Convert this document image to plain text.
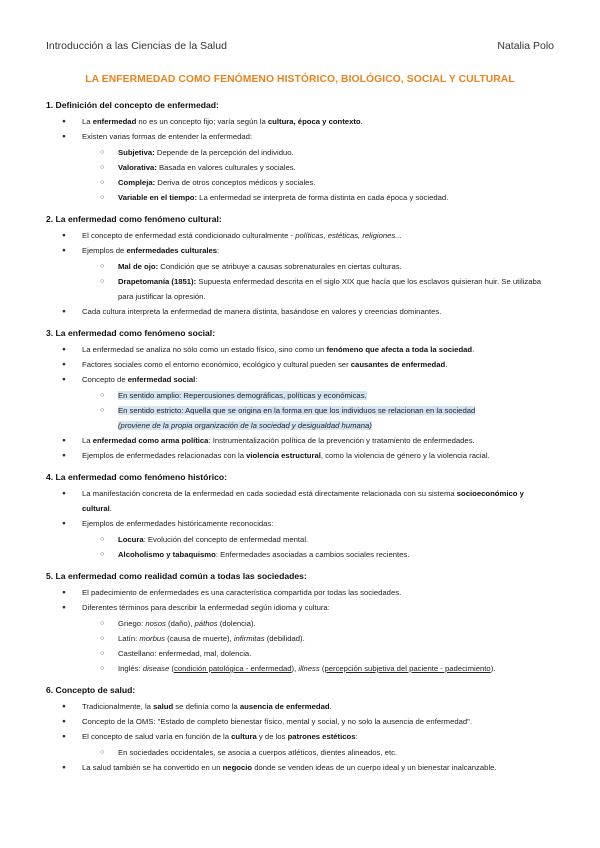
Introducción a las Ciencias de la Salud	Natalia Polo
LA ENFERMEDAD COMO FENÓMENO HISTÓRICO, BIOLÓGICO, SOCIAL Y CULTURAL
1. Definición del concepto de enfermedad:
● La enfermedad no es un concepto fijo; varía según la cultura, época y contexto.
● Existen varias formas de entender la enfermedad:
○ Subjetiva: Depende de la percepción del individuo.
○ Valorativa: Basada en valores culturales y sociales.
○ Compleja: Deriva de otros conceptos médicos y sociales.
○ Variable en el tiempo: La enfermedad se interpreta de forma distinta en cada época y sociedad.
2. La enfermedad como fenómeno cultural:
● El concepto de enfermedad está condicionado culturalmente - políticas, estéticas, religiones...
● Ejemplos de enfermedades culturales:
○ Mal de ojo: Condición que se atribuye a causas sobrenaturales en ciertas culturas.
○ Drapetomanía (1851): Supuesta enfermedad descrita en el siglo XIX que hacía que los esclavos quisieran huir. Se utilizaba para justificar la opresión.
● Cada cultura interpreta la enfermedad de manera distinta, basándose en valores y creencias dominantes.
3. La enfermedad como fenómeno social:
● La enfermedad se analiza no sólo como un estado físico, sino como un fenómeno que afecta a toda la sociedad.
● Factores sociales como el entorno económico, ecológico y cultural pueden ser causantes de enfermedad.
● Concepto de enfermedad social:
○ En sentido amplio: Repercusiones demográficas, políticas y económicas.
○ En sentido estricto: Aquella que se origina en la forma en que los individuos se relacionan en la sociedad
(proviene de la propia organización de la sociedad y desigualdad humana)
● La enfermedad como arma política: Instrumentalización política de la prevención y tratamiento de enfermedades.
● Ejemplos de enfermedades relacionadas con la violencia estructural, como la violencia de género y la violencia racial.
4. La enfermedad como fenómeno histórico:
● La manifestación concreta de la enfermedad en cada sociedad está directamente relacionada con su sistema socioeconómico y cultural.
● Ejemplos de enfermedades históricamente reconocidas:
○ Locura: Evolución del concepto de enfermedad mental.
○ Alcoholismo y tabaquismo: Enfermedades asociadas a cambios sociales recientes.
5. La enfermedad como realidad común a todas las sociedades:
● El padecimiento de enfermedades es una característica compartida por todas las sociedades.
● Diferentes términos para describir la enfermedad según idioma y cultura:
○ Griego: nosos (daño), páthos (dolencia).
○ Latín: morbus (causa de muerte), infirmitas (debilidad).
○ Castellano: enfermedad, mal, dolencia.
○ Inglés: disease (condición patológica - enfermedad), illness (percepción subjetiva del paciente - padecimiento).
6. Concepto de salud:
● Tradicionalmente, la salud se definía como la ausencia de enfermedad.
● Concepto de la OMS: "Estado de completo bienestar físico, mental y social, y no solo la ausencia de enfermedad".
● El concepto de salud varía en función de la cultura y de los patrones estéticos:
○ En sociedades occidentales, se asocia a cuerpos atléticos, dientes alineados, etc.
● La salud también se ha convertido en un negocio donde se venden ideas de un cuerpo ideal y un bienestar inalcanzable.
